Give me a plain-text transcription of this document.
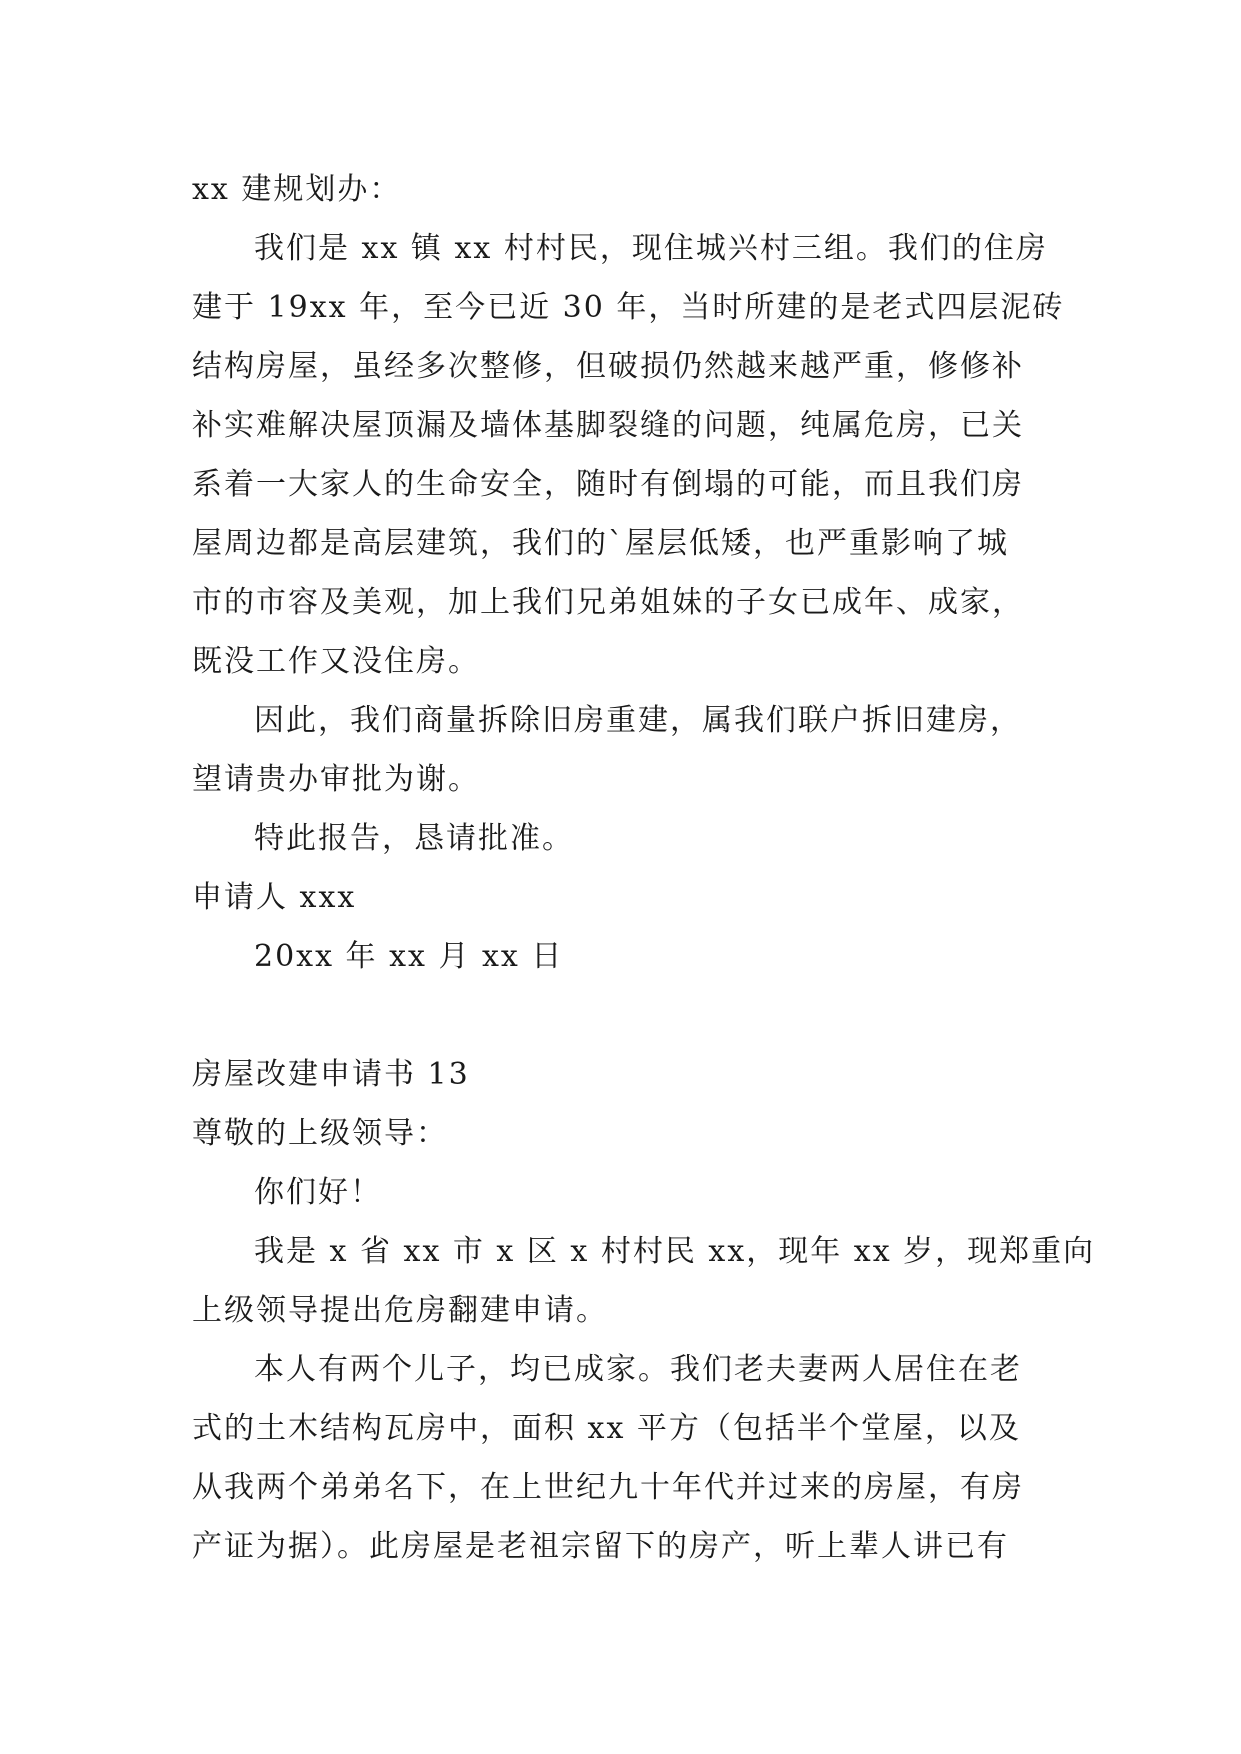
xx 建规划办：

我们是 xx 镇 xx 村村民，现住城兴村三组。我们的住房

建于 19xx 年，至今已近 30 年，当时所建的是老式四层泥砖

结构房屋，虽经多次整修，但破损仍然越来越严重，修修补

补实难解决屋顶漏及墙体基脚裂缝的问题，纯属危房，已关

系着一大家人的生命安全，随时有倒塌的可能，而且我们房

屋周边都是高层建筑，我们的`屋层低矮，也严重影响了城

市的市容及美观，加上我们兄弟姐妹的子女已成年、成家，

既没工作又没住房。

因此，我们商量拆除旧房重建，属我们联户拆旧建房，

望请贵办审批为谢。

特此报告，恳请批准。

申请人 xxx

20xx 年 xx 月 xx 日

房屋改建申请书 13

尊敬的上级领导：

你们好！

我是 x 省 xx 市 x 区 x 村村民 xx，现年 xx 岁，现郑重向

上级领导提出危房翻建申请。

本人有两个儿子，均已成家。我们老夫妻两人居住在老

式的土木结构瓦房中，面积 xx 平方（包括半个堂屋，以及

从我两个弟弟名下，在上世纪九十年代并过来的房屋，有房

产证为据）。此房屋是老祖宗留下的房产，听上辈人讲已有
